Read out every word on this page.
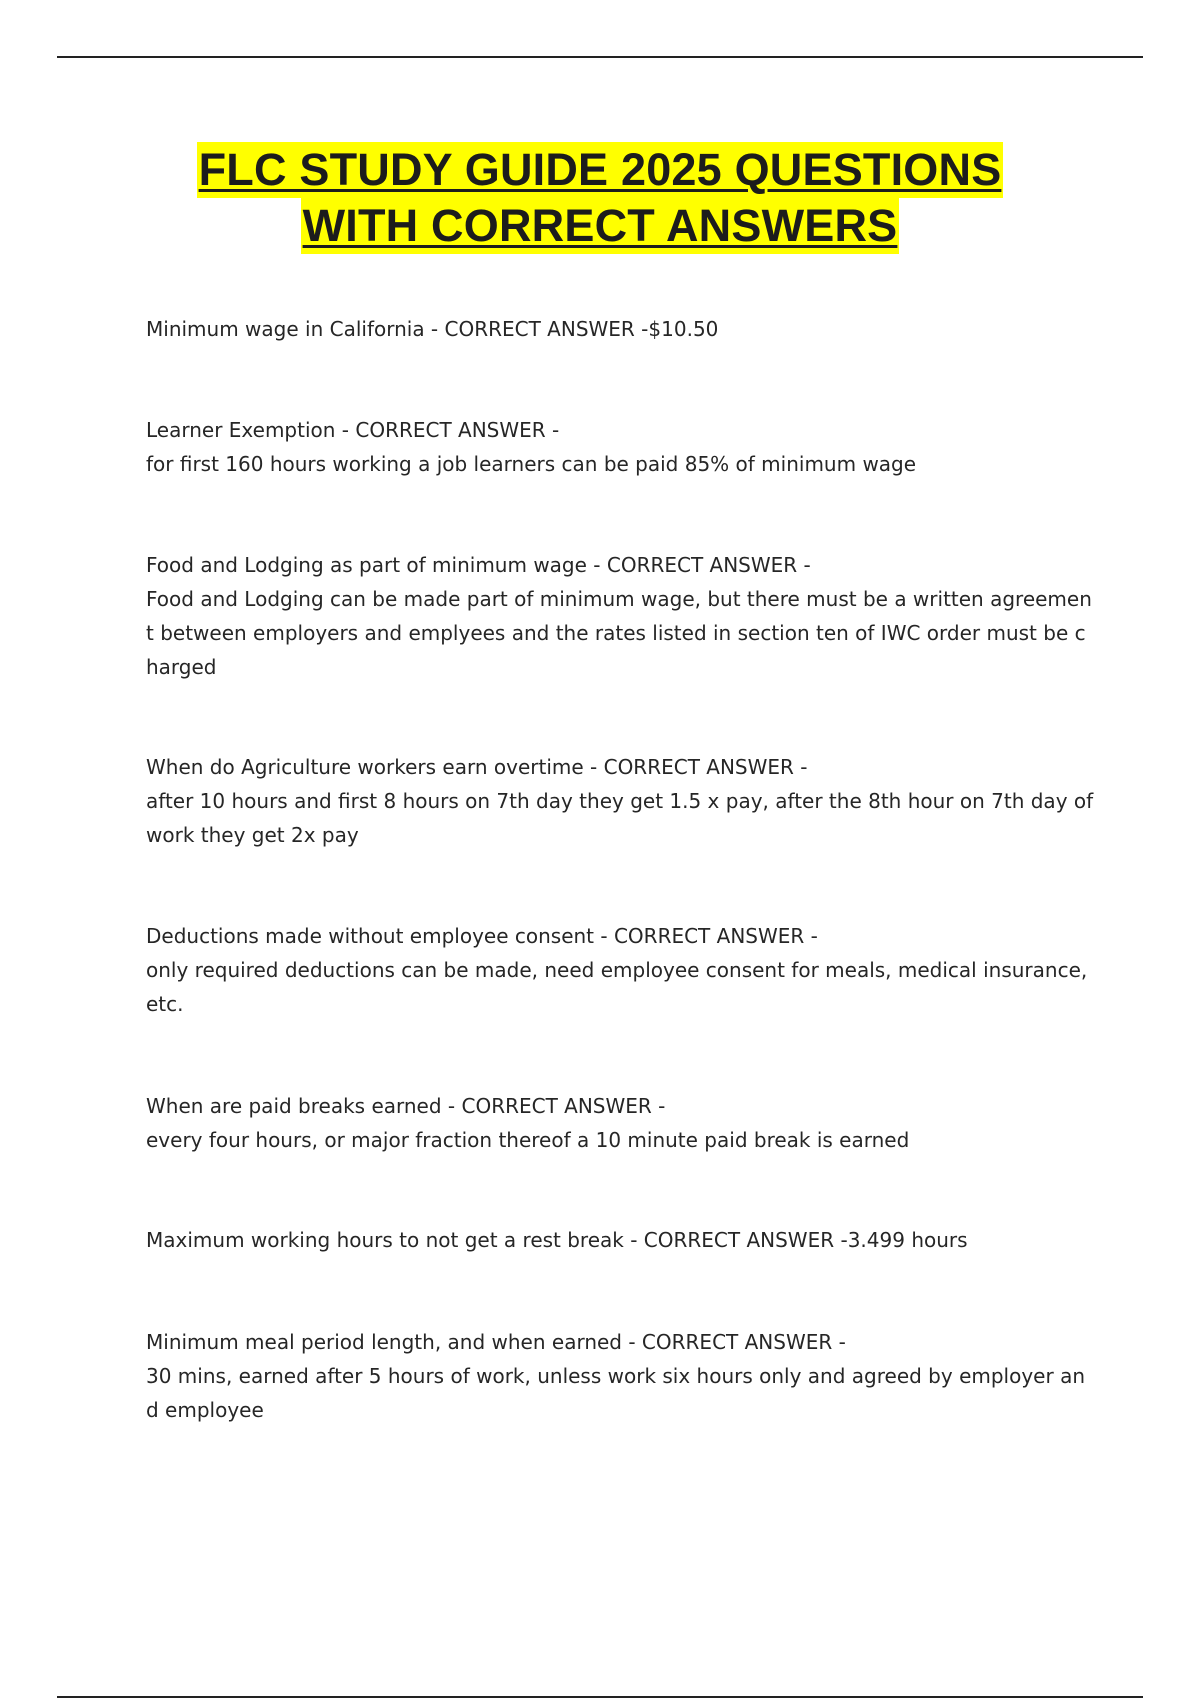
FLC STUDY GUIDE 2025 QUESTIONS
WITH CORRECT ANSWERS

Minimum wage in California - CORRECT ANSWER -$10.50

Learner Exemption - CORRECT ANSWER -
for first 160 hours working a job learners can be paid 85% of minimum wage

Food and Lodging as part of minimum wage - CORRECT ANSWER -
Food and Lodging can be made part of minimum wage, but there must be a written agreement between employers and emplyees and the rates listed in section ten of IWC order must be charged

When do Agriculture workers earn overtime - CORRECT ANSWER -
after 10 hours and first 8 hours on 7th day they get 1.5 x pay, after the 8th hour on 7th day of work they get 2x pay

Deductions made without employee consent - CORRECT ANSWER -
only required deductions can be made, need employee consent for meals, medical insurance, etc.

When are paid breaks earned - CORRECT ANSWER -
every four hours, or major fraction thereof a 10 minute paid break is earned

Maximum working hours to not get a rest break - CORRECT ANSWER -3.499 hours

Minimum meal period length, and when earned - CORRECT ANSWER -
30 mins, earned after 5 hours of work, unless work six hours only and agreed by employer and employee
